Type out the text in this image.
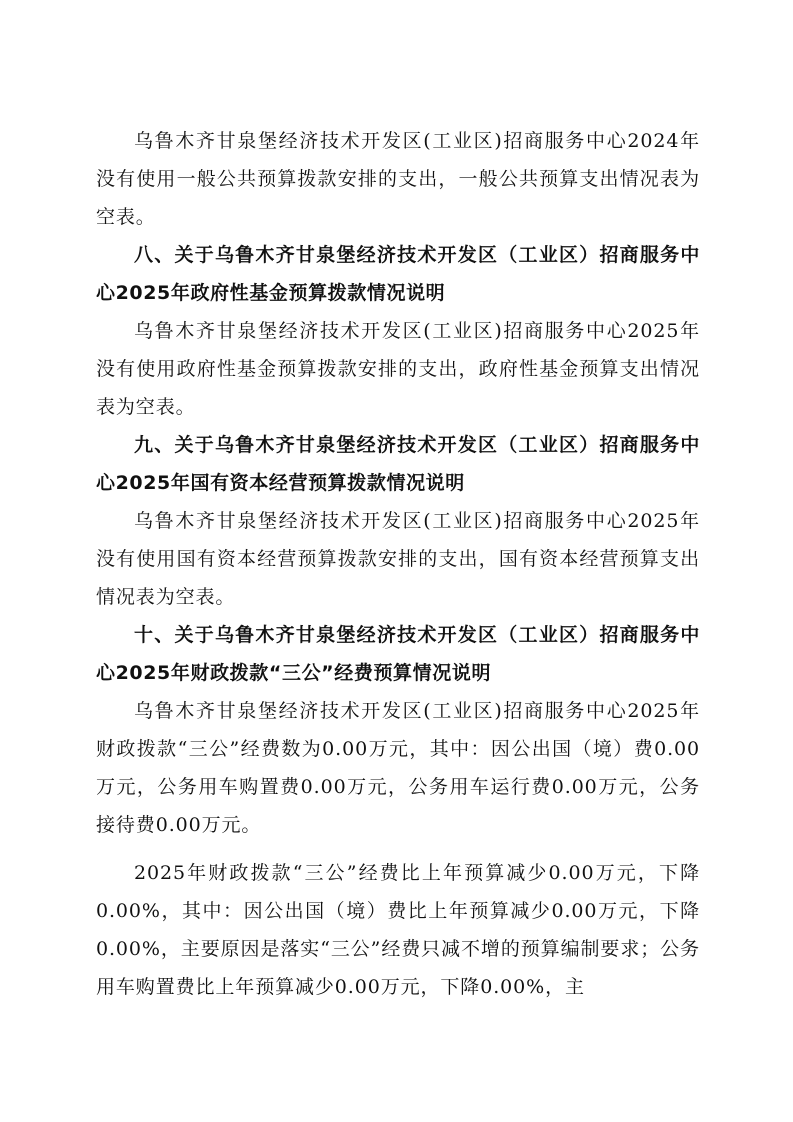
乌鲁木齐甘泉堡经济技术开发区(工业区)招商服务中心2024年没有使用一般公共预算拨款安排的支出，一般公共预算支出情况表为空表。

八、关于乌鲁木齐甘泉堡经济技术开发区（工业区）招商服务中心2025年政府性基金预算拨款情况说明

乌鲁木齐甘泉堡经济技术开发区(工业区)招商服务中心2025年没有使用政府性基金预算拨款安排的支出，政府性基金预算支出情况表为空表。

九、关于乌鲁木齐甘泉堡经济技术开发区（工业区）招商服务中心2025年国有资本经营预算拨款情况说明

乌鲁木齐甘泉堡经济技术开发区(工业区)招商服务中心2025年没有使用国有资本经营预算拨款安排的支出，国有资本经营预算支出情况表为空表。

十、关于乌鲁木齐甘泉堡经济技术开发区（工业区）招商服务中心2025年财政拨款“三公”经费预算情况说明

乌鲁木齐甘泉堡经济技术开发区(工业区)招商服务中心2025年财政拨款“三公”经费数为0.00万元，其中：因公出国（境）费0.00万元，公务用车购置费0.00万元，公务用车运行费0.00万元，公务接待费0.00万元。

2025年财政拨款“三公”经费比上年预算减少0.00万元，下降0.00%，其中：因公出国（境）费比上年预算减少0.00万元，下降0.00%，主要原因是落实“三公”经费只减不增的预算编制要求；公务用车购置费比上年预算减少0.00万元，下降0.00%，主
